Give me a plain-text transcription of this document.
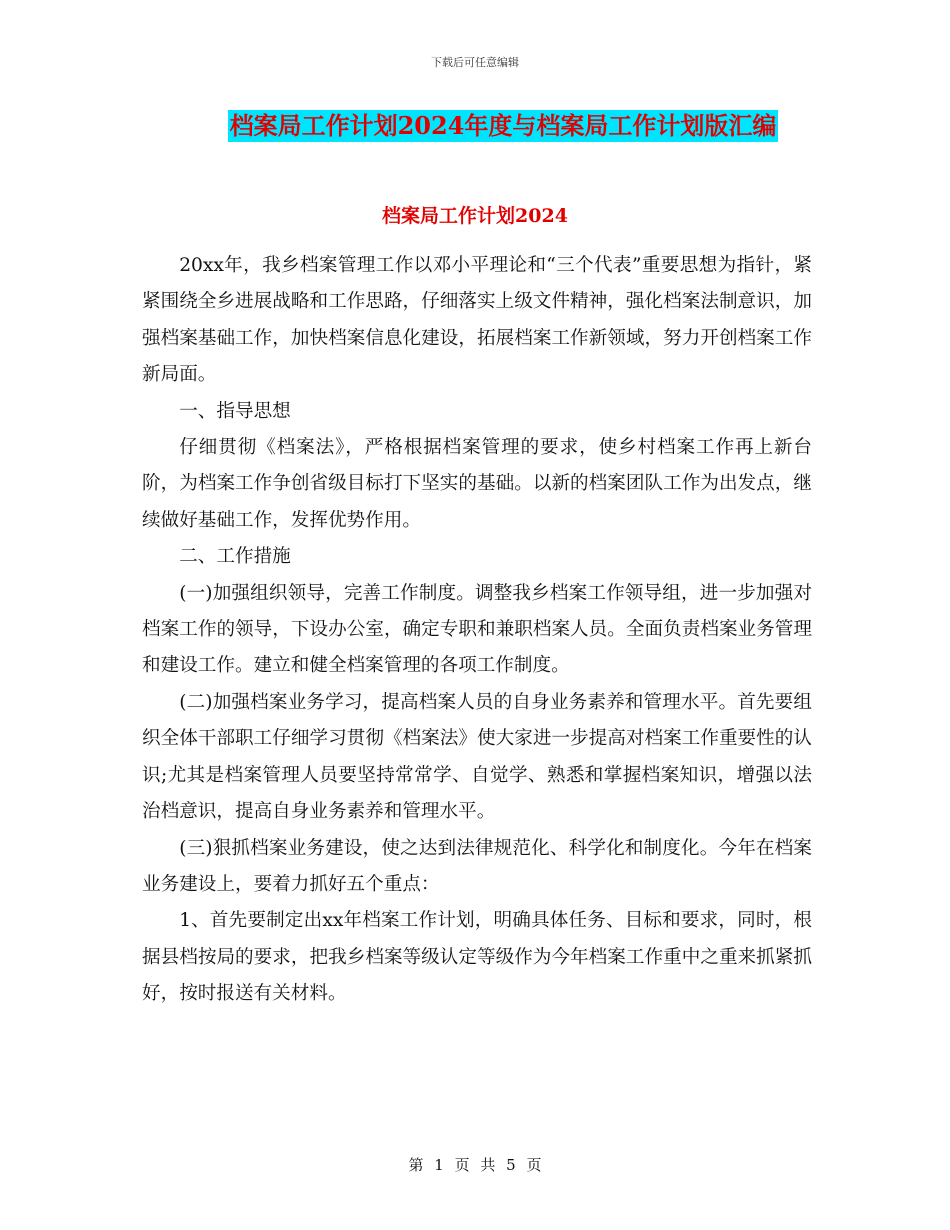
下载后可任意编辑
档案局工作计划2024年度与档案局工作计划版汇编
档案局工作计划2024

20xx年，我乡档案管理工作以邓小平理论和“三个代表”重要思想为指针，紧紧围绕全乡进展战略和工作思路，仔细落实上级文件精神，强化档案法制意识，加强档案基础工作，加快档案信息化建设，拓展档案工作新领域，努力开创档案工作新局面。

一、指导思想

仔细贯彻《档案法》，严格根据档案管理的要求，使乡村档案工作再上新台阶，为档案工作争创省级目标打下坚实的基础。以新的档案团队工作为出发点，继续做好基础工作，发挥优势作用。

二、工作措施

(一)加强组织领导，完善工作制度。调整我乡档案工作领导组，进一步加强对档案工作的领导，下设办公室，确定专职和兼职档案人员。全面负责档案业务管理和建设工作。建立和健全档案管理的各项工作制度。

(二)加强档案业务学习，提高档案人员的自身业务素养和管理水平。首先要组织全体干部职工仔细学习贯彻《档案法》使大家进一步提高对档案工作重要性的认识;尤其是档案管理人员要坚持常常学、自觉学、熟悉和掌握档案知识，增强以法治档意识，提高自身业务素养和管理水平。

(三)狠抓档案业务建设，使之达到法律规范化、科学化和制度化。今年在档案业务建设上，要着力抓好五个重点：

1、首先要制定出xx年档案工作计划，明确具体任务、目标和要求，同时，根据县档按局的要求，把我乡档案等级认定等级作为今年档案工作重中之重来抓紧抓好，按时报送有关材料。

第 1 页 共 5 页
